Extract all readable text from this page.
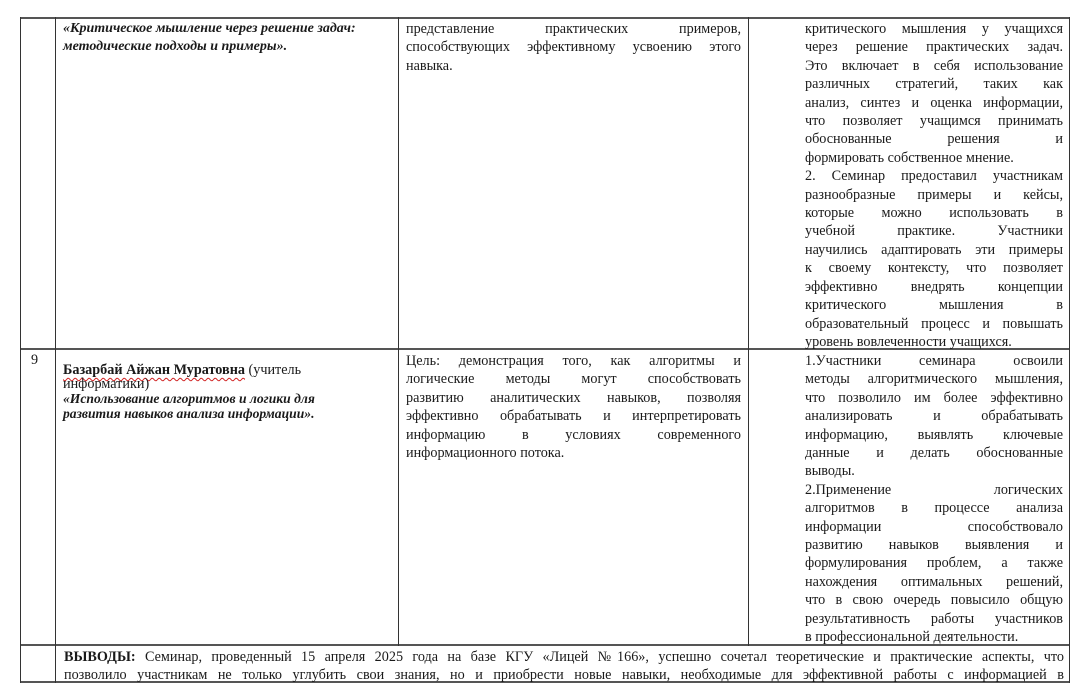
«Критическое мышление через решение задач: методические подходы и примеры».

представление практических примеров,

способствующих эффективному усвоению этого

навыка.

критического мышления у учащихся

через решение практических задач.

Это включает в себя использование

различных стратегий, таких как

анализ, синтез и оценка информации,

что позволяет учащимся принимать

обоснованные решения и

формировать собственное мнение.

2. Семинар предоставил участникам

разнообразные примеры и кейсы,

которые можно использовать в

учебной практике. Участники

научились адаптировать эти примеры

к своему контексту, что позволяет

эффективно внедрять концепции

критического мышления в

образовательный процесс и повышать

уровень вовлеченности учащихся.

9
Базарбай Айжан Муратовна (учитель
информатики)
«Использование алгоритмов и логики для
развития навыков анализа информации».

Цель: демонстрация того, как алгоритмы и

логические методы могут способствовать

развитию аналитических навыков, позволяя

эффективно обрабатывать и интерпретировать

информацию в условиях современного

информационного потока.

1.Участники семинара освоили

методы алгоритмического мышления,

что позволило им более эффективно

анализировать и обрабатывать

информацию, выявлять ключевые

данные и делать обоснованные

выводы.

2.Применение логических

алгоритмов в процессе анализа

информации способствовало

развитию навыков выявления и

формулирования проблем, а также

нахождения оптимальных решений,

что в свою очередь повысило общую

результативность работы участников

в профессиональной деятельности.

ВЫВОДЫ: Семинар, проведенный 15 апреля 2025 года на базе КГУ «Лицей №166», успешно сочетал теоретические и практические аспекты, что

позволило участникам не только углубить свои знания, но и приобрести новые навыки, необходимые для эффективной работы с информацией в
